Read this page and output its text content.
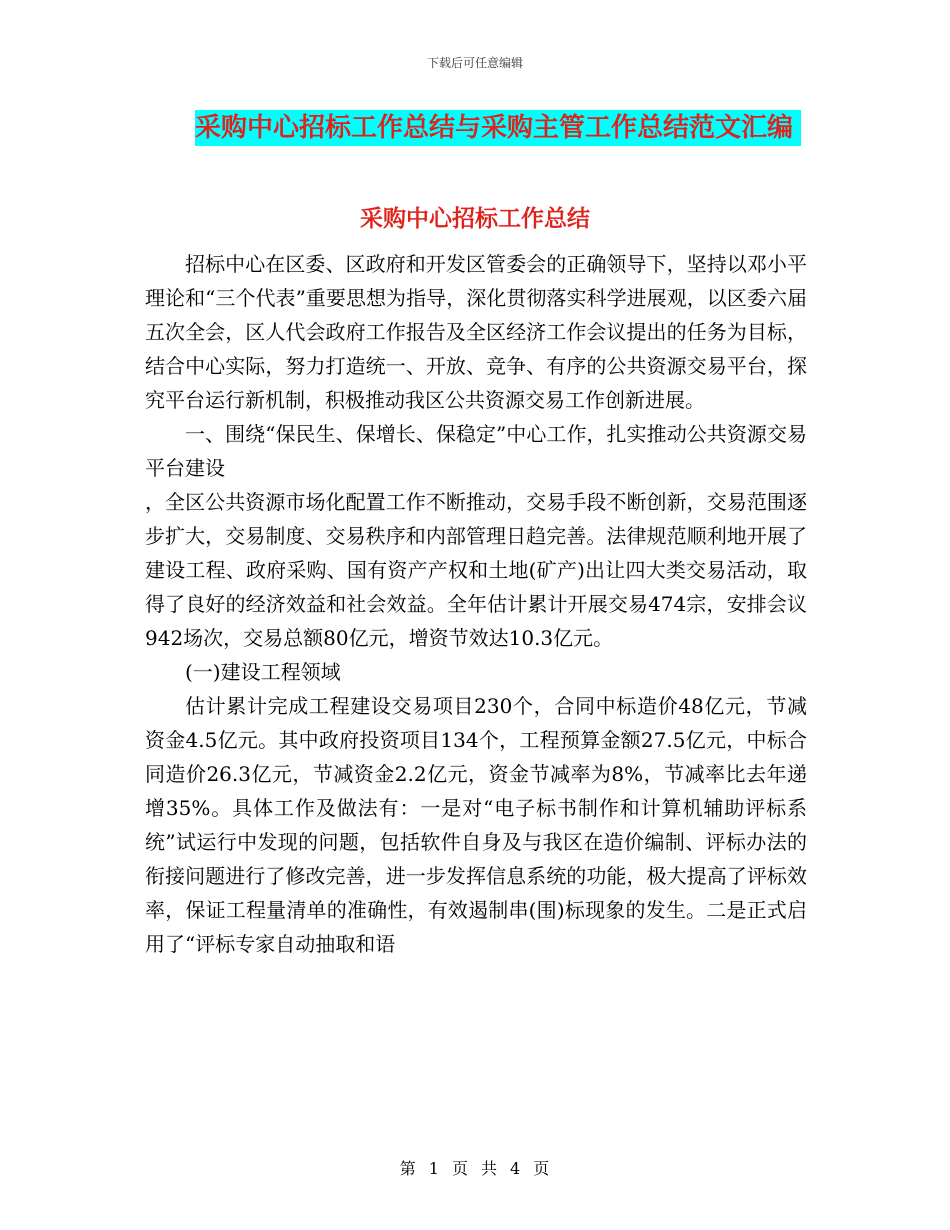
下载后可任意编辑
采购中心招标工作总结与采购主管工作总结范文汇编
采购中心招标工作总结

招标中心在区委、区政府和开发区管委会的正确领导下，坚持以邓小平理论和“三个代表”重要思想为指导，深化贯彻落实科学进展观，以区委六届五次全会，区人代会政府工作报告及全区经济工作会议提出的任务为目标，结合中心实际，努力打造统一、开放、竞争、有序的公共资源交易平台，探究平台运行新机制，积极推动我区公共资源交易工作创新进展。

一、围绕“保民生、保增长、保稳定”中心工作，扎实推动公共资源交易平台建设

，全区公共资源市场化配置工作不断推动，交易手段不断创新，交易范围逐步扩大，交易制度、交易秩序和内部管理日趋完善。法律规范顺利地开展了建设工程、政府采购、国有资产产权和土地(矿产)出让四大类交易活动，取得了良好的经济效益和社会效益。全年估计累计开展交易474宗，安排会议942场次，交易总额80亿元，增资节效达10.3亿元。

(一)建设工程领域

估计累计完成工程建设交易项目230个，合同中标造价48亿元，节减资金4.5亿元。其中政府投资项目134个，工程预算金额27.5亿元，中标合同造价26.3亿元，节减资金2.2亿元，资金节减率为8%，节减率比去年递增35%。具体工作及做法有：一是对“电子标书制作和计算机辅助评标系统”试运行中发现的问题，包括软件自身及与我区在造价编制、评标办法的衔接问题进行了修改完善，进一步发挥信息系统的功能，极大提高了评标效率，保证工程量清单的准确性，有效遏制串(围)标现象的发生。二是正式启用了“评标专家自动抽取和语

第 1 页 共 4 页
